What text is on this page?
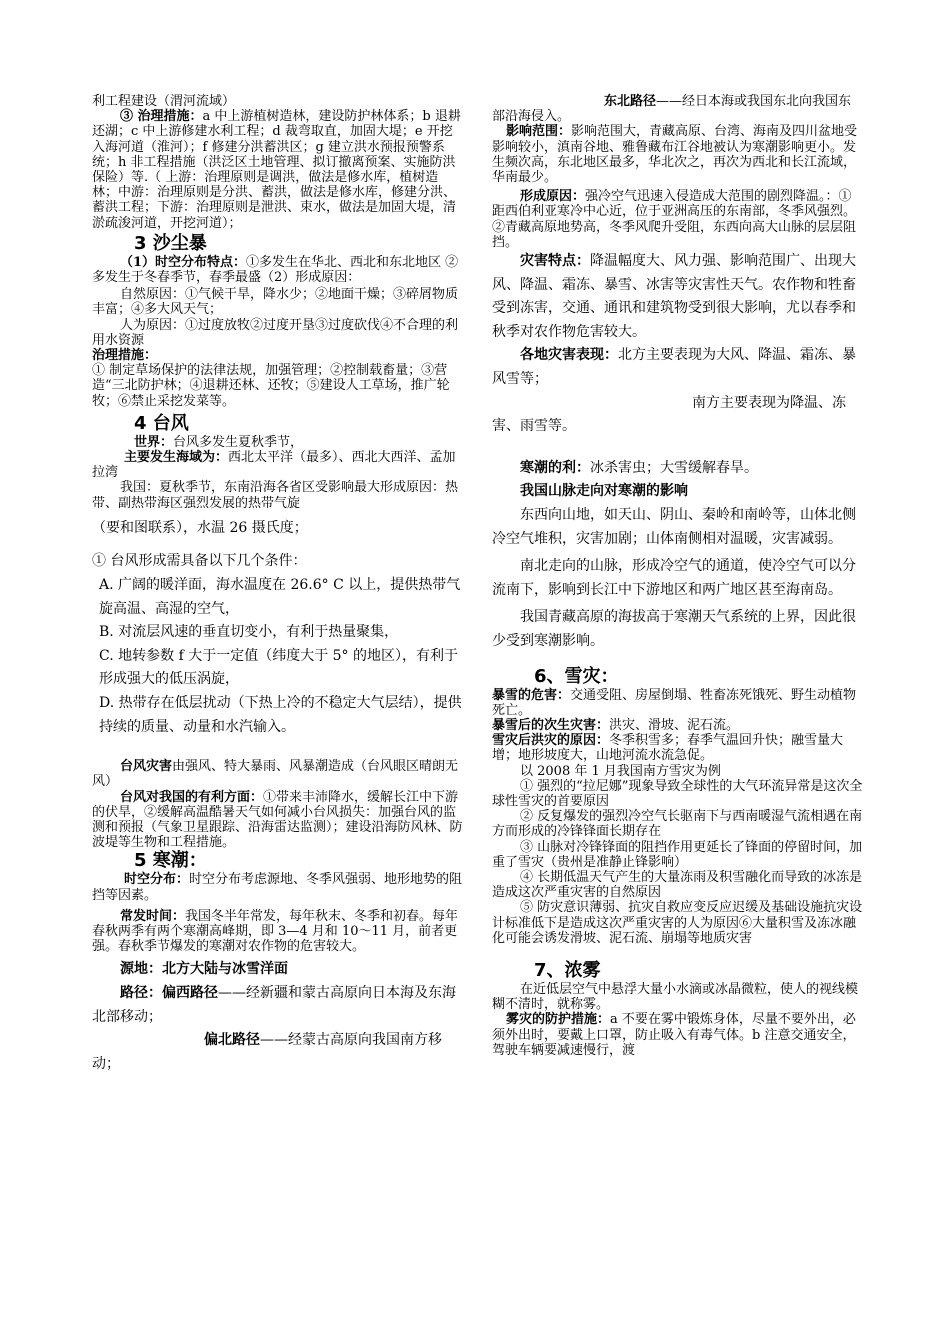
利工程建设（渭河流域）

③ 治理措施：a 中上游植树造林，建设防护林体系；b 退耕还湖；c 中上游修建水利工程；d 裁弯取直，加固大堤；e 开挖入海河道（淮河）；f 修建分洪蓄洪区；g 建立洪水预报预警系统；h 非工程措施（洪泛区土地管理、拟订撤离预案、实施防洪保险）等.（ 上游：治理原则是调洪，做法是修水库，植树造林；中游：治理原则是分洪、蓄洪，做法是修水库，修建分洪、蓄洪工程；下游：治理原则是泄洪、束水，做法是加固大堤，清淤疏浚河道，开挖河道）；

3 沙尘暴

（1）时空分布特点：①多发生在华北、西北和东北地区 ②多发生于冬春季节，春季最盛（2）形成原因：

自然原因：①气候干旱，降水少；②地面干燥；③碎屑物质丰富；④多大风天气；

人为原因：①过度放牧②过度开垦③过度砍伐④不合理的利用水资源

治理措施：

① 制定草场保护的法律法规，加强管理；②控制载畜量；③营造“三北防护林；④退耕还林、还牧；⑤建设人工草场，推广轮牧；⑥禁止采挖发菜等。

4 台风

世界：台风多发生夏秋季节，

主要发生海域为：西北太平洋（最多）、西北大西洋、孟加拉湾

我国：夏秋季节，东南沿海各省区受影响最大形成原因：热带、副热带海区强烈发展的热带气旋

（要和图联系），水温 26 摄氏度；

① 台风形成需具备以下几个条件：

A. 广阔的暖洋面，海水温度在 26.6° C 以上，提供热带气旋高温、高湿的空气，

B. 对流层风速的垂直切变小，有利于热量聚集，

C. 地转参数 f 大于一定值（纬度大于 5° 的地区），有利于形成强大的低压涡旋，

D. 热带存在低层扰动（下热上冷的不稳定大气层结），提供持续的质量、动量和水汽输入。

台风灾害由强风、特大暴雨、风暴潮造成（台风眼区晴朗无风）

台风对我国的有利方面：①带来丰沛降水，缓解长江中下游的伏旱，②缓解高温酷暑天气如何减小台风损失：加强台风的监测和预报（气象卫星跟踪、沿海雷达监测）；建设沿海防风林、防波堤等生物和工程措施。

5 寒潮：

时空分布：时空分布考虑源地、冬季风强弱、地形地势的阻挡等因素。

常发时间：我国冬半年常发，每年秋末、冬季和初春。每年春秋两季有两个寒潮高峰期，即 3—4 月和 10～11 月，前者更强。春秋季节爆发的寒潮对农作物的危害较大。

源地：北方大陆与冰雪洋面

路径：偏西路径——经新疆和蒙古高原向日本海及东海北部移动；

偏北路径——经蒙古高原向我国南方移动；

东北路径——经日本海或我国东北向我国东部沿海侵入。

影响范围：影响范围大，青藏高原、台湾、海南及四川盆地受影响较小，滇南谷地、雅鲁藏布江谷地被认为寒潮影响更小。发生频次高，东北地区最多，华北次之，再次为西北和长江流域，华南最少。

形成原因：强冷空气迅速入侵造成大范围的剧烈降温。：①距西伯利亚寒冷中心近，位于亚洲高压的东南部，冬季风强烈。②青藏高原地势高，冬季风爬升受阻，东西向高大山脉的层层阻挡。

灾害特点：降温幅度大、风力强、影响范围广、出现大风、降温、霜冻、暴雪、冰害等灾害性天气。农作物和牲畜受到冻害，交通、通讯和建筑物受到很大影响，尤以春季和秋季对农作物危害较大。

各地灾害表现：北方主要表现为大风、降温、霜冻、暴风雪等；

南方主要表现为降温、冻害、雨雪等。

寒潮的利：冰杀害虫；大雪缓解春旱。

我国山脉走向对寒潮的影响

东西向山地，如天山、阴山、秦岭和南岭等，山体北侧冷空气堆积，灾害加剧；山体南侧相对温暖，灾害减弱。

南北走向的山脉，形成冷空气的通道，使冷空气可以分流南下，影响到长江中下游地区和两广地区甚至海南岛。

我国青藏高原的海拔高于寒潮天气系统的上界，因此很少受到寒潮影响。

6、雪灾：

暴雪的危害：交通受阻、房屋倒塌、牲畜冻死饿死、野生动植物死亡。

暴雪后的次生灾害：洪灾、滑坡、泥石流。

雪灾后洪灾的原因：冬季积雪多；春季气温回升快；融雪量大增；地形坡度大，山地河流水流急促。

以 2008 年 1 月我国南方雪灾为例

① 强烈的“拉尼娜”现象导致全球性的大气环流异常是这次全球性雪灾的首要原因

② 反复爆发的强烈冷空气长驱南下与西南暖湿气流相遇在南方而形成的冷锋锋面长期存在

③ 山脉对冷锋锋面的阻挡作用更延长了锋面的停留时间，加重了雪灾（贵州是准静止锋影响）

④ 长期低温天气产生的大量冻雨及积雪融化而导致的冰冻是造成这次严重灾害的自然原因

⑤ 防灾意识薄弱、抗灾自救应变反应迟缓及基础设施抗灾设计标准低下是造成这次严重灾害的人为原因⑥大量积雪及冻冰融化可能会诱发滑坡、泥石流、崩塌等地质灾害

7、浓雾

在近低层空气中悬浮大量小水滴或冰晶微粒，使人的视线模糊不清时，就称雾。

雾灾的防护措施：a 不要在雾中锻炼身体，尽量不要外出，必须外出时，要戴上口罩，防止吸入有毒气体。b 注意交通安全，驾驶车辆要减速慢行，渡
